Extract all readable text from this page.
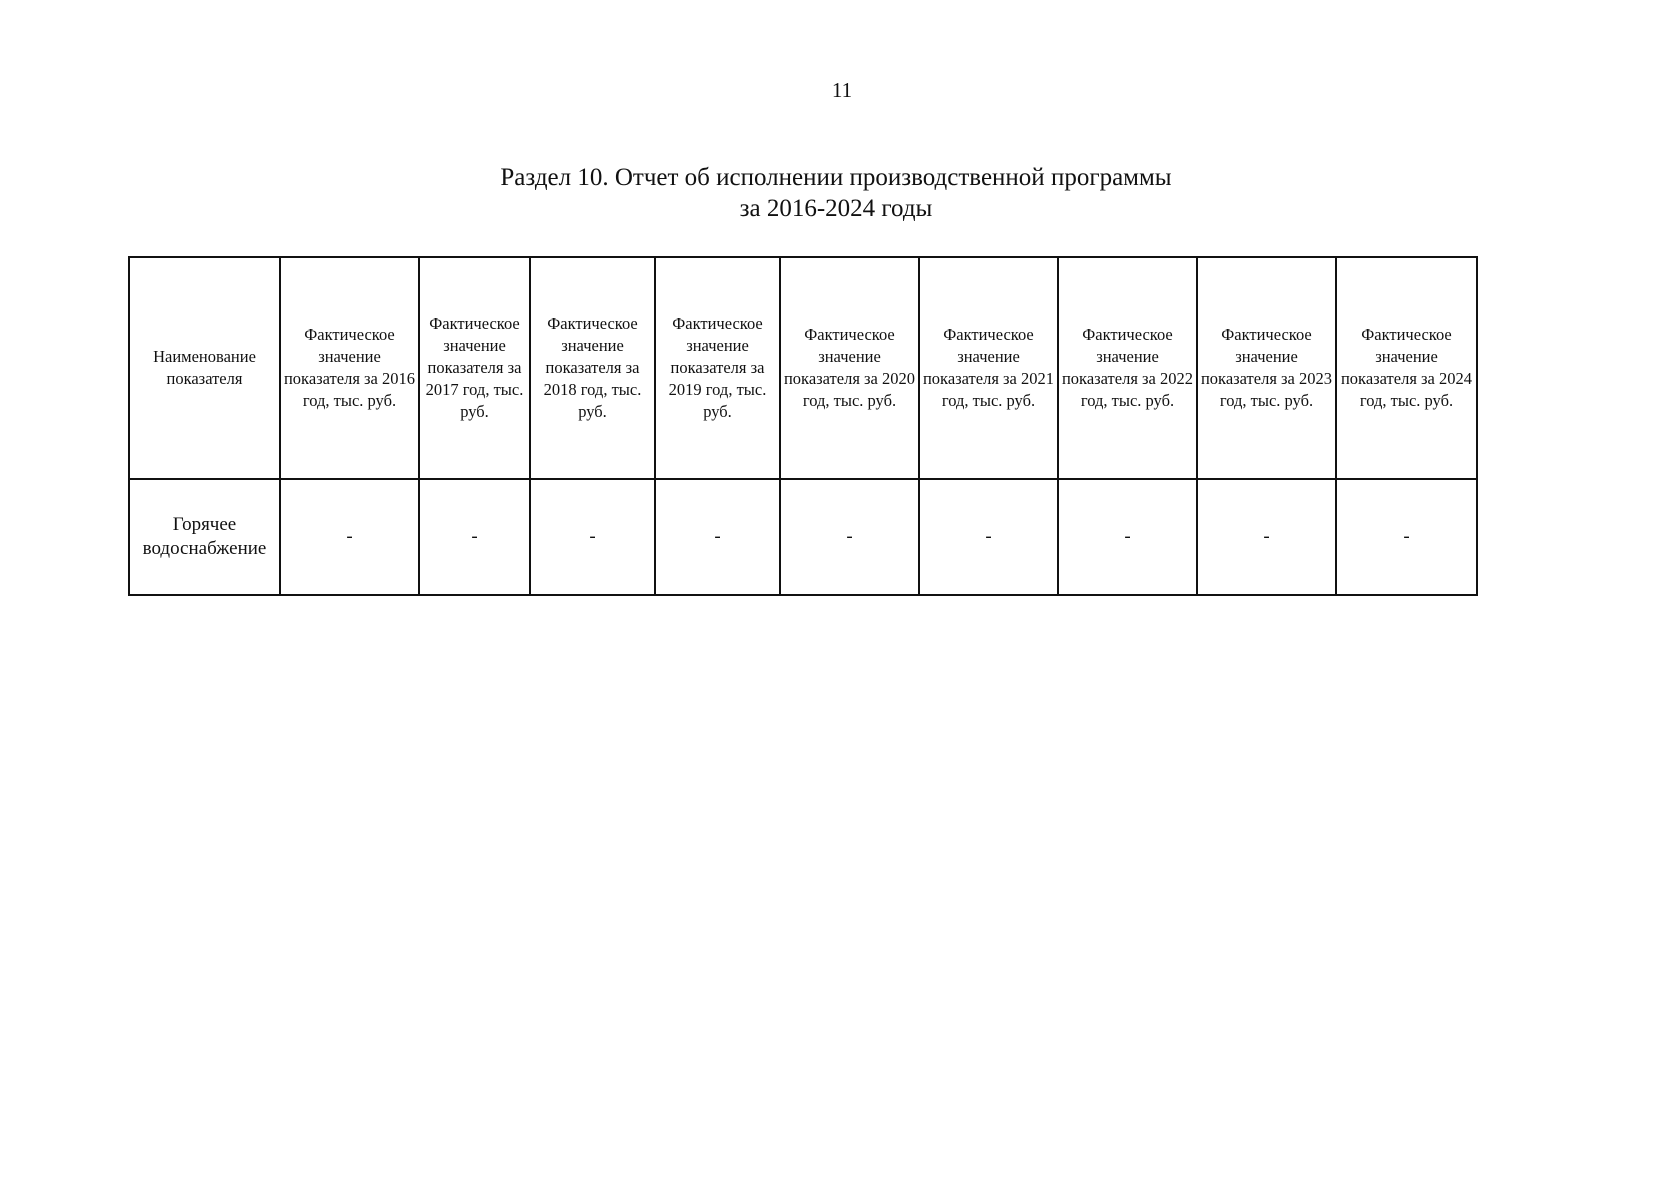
11
Раздел 10. Отчет об исполнении производственной программы
за 2016-2024 годы
Наименование показателя	Фактическое значение показателя за 2016 год, тыс. руб.	Фактическое значение показателя за 2017 год, тыс. руб.	Фактическое значение показателя за 2018 год, тыс. руб.	Фактическое значение показателя за 2019 год, тыс. руб.	Фактическое значение показателя за 2020 год, тыс. руб.	Фактическое значение показателя за 2021 год, тыс. руб.	Фактическое значение показателя за 2022 год, тыс. руб.	Фактическое значение показателя за 2023 год, тыс. руб.	Фактическое значение показателя за 2024 год, тыс. руб.

Горячее водоснабжение	-	-	-	-	-	-	-	-	-
